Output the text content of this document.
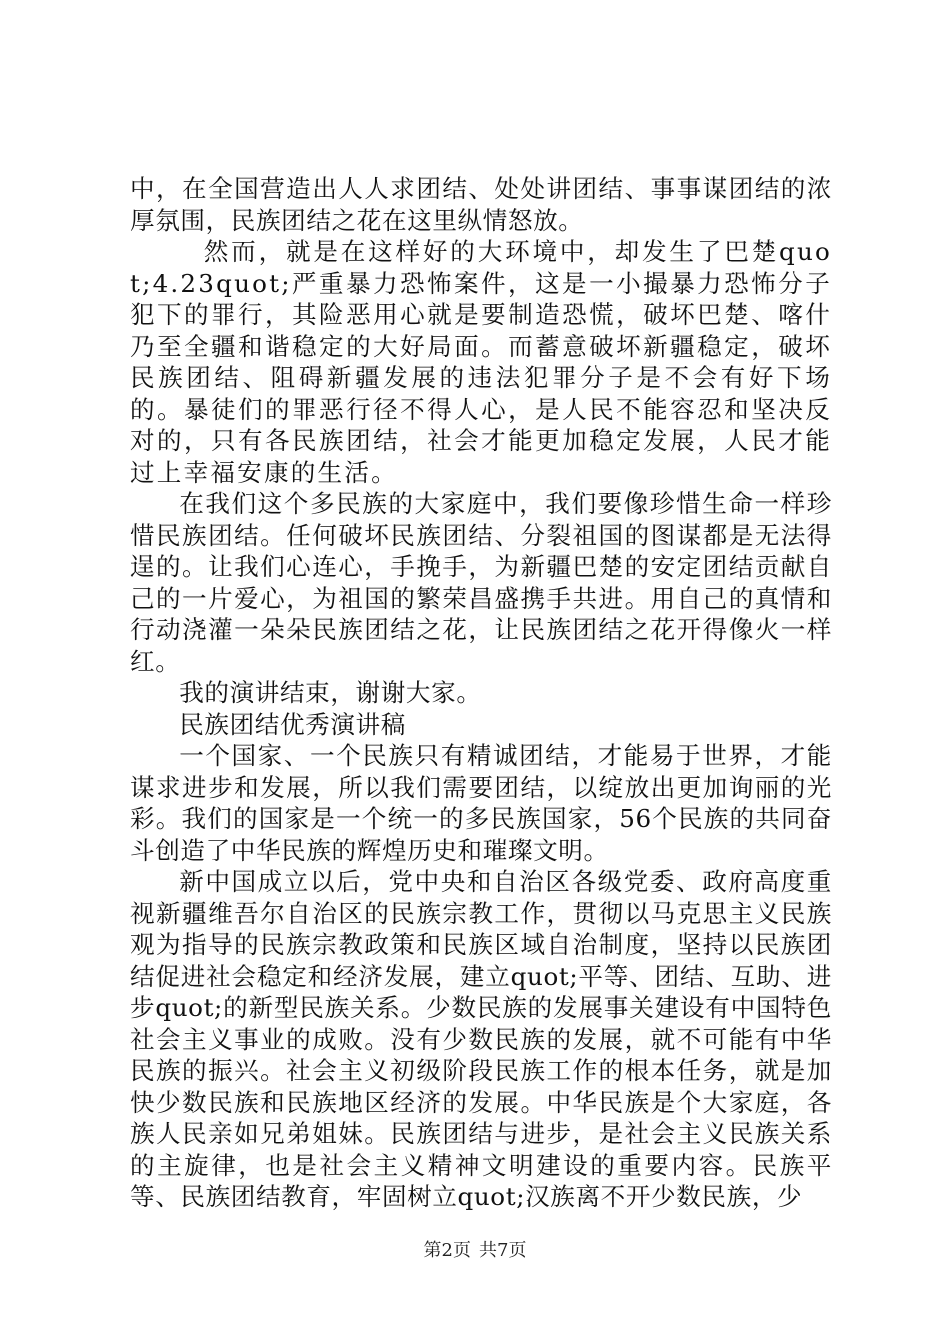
中，在全国营造出人人求团结、处处讲团结、事事谋团结的浓厚氛围，民族团结之花在这里纵情怒放。

然而，就是在这样好的大环境中，却发生了巴楚quot;4.23quot;严重暴力恐怖案件，这是一小撮暴力恐怖分子犯下的罪行，其险恶用心就是要制造恐慌，破坏巴楚、喀什乃至全疆和谐稳定的大好局面。而蓄意破坏新疆稳定，破坏民族团结、阻碍新疆发展的违法犯罪分子是不会有好下场的。暴徒们的罪恶行径不得人心，是人民不能容忍和坚决反对的，只有各民族团结，社会才能更加稳定发展，人民才能过上幸福安康的生活。

在我们这个多民族的大家庭中，我们要像珍惜生命一样珍惜民族团结。任何破坏民族团结、分裂祖国的图谋都是无法得逞的。让我们心连心，手挽手，为新疆巴楚的安定团结贡献自己的一片爱心，为祖国的繁荣昌盛携手共进。用自己的真情和行动浇灌一朵朵民族团结之花，让民族团结之花开得像火一样红。

我的演讲结束，谢谢大家。

民族团结优秀演讲稿

一个国家、一个民族只有精诚团结，才能易于世界，才能谋求进步和发展，所以我们需要团结，以绽放出更加询丽的光彩。我们的国家是一个统一的多民族国家，56个民族的共同奋斗创造了中华民族的辉煌历史和璀璨文明。

新中国成立以后，党中央和自治区各级党委、政府高度重视新疆维吾尔自治区的民族宗教工作，贯彻以马克思主义民族观为指导的民族宗教政策和民族区域自治制度，坚持以民族团结促进社会稳定和经济发展，建立quot;平等、团结、互助、进步quot;的新型民族关系。少数民族的发展事关建设有中国特色社会主义事业的成败。没有少数民族的发展，就不可能有中华民族的振兴。社会主义初级阶段民族工作的根本任务，就是加快少数民族和民族地区经济的发展。中华民族是个大家庭，各族人民亲如兄弟姐妹。民族团结与进步，是社会主义民族关系的主旋律，也是社会主义精神文明建设的重要内容。民族平等、民族团结教育，牢固树立quot;汉族离不开少数民族，少

第2页 共7页
